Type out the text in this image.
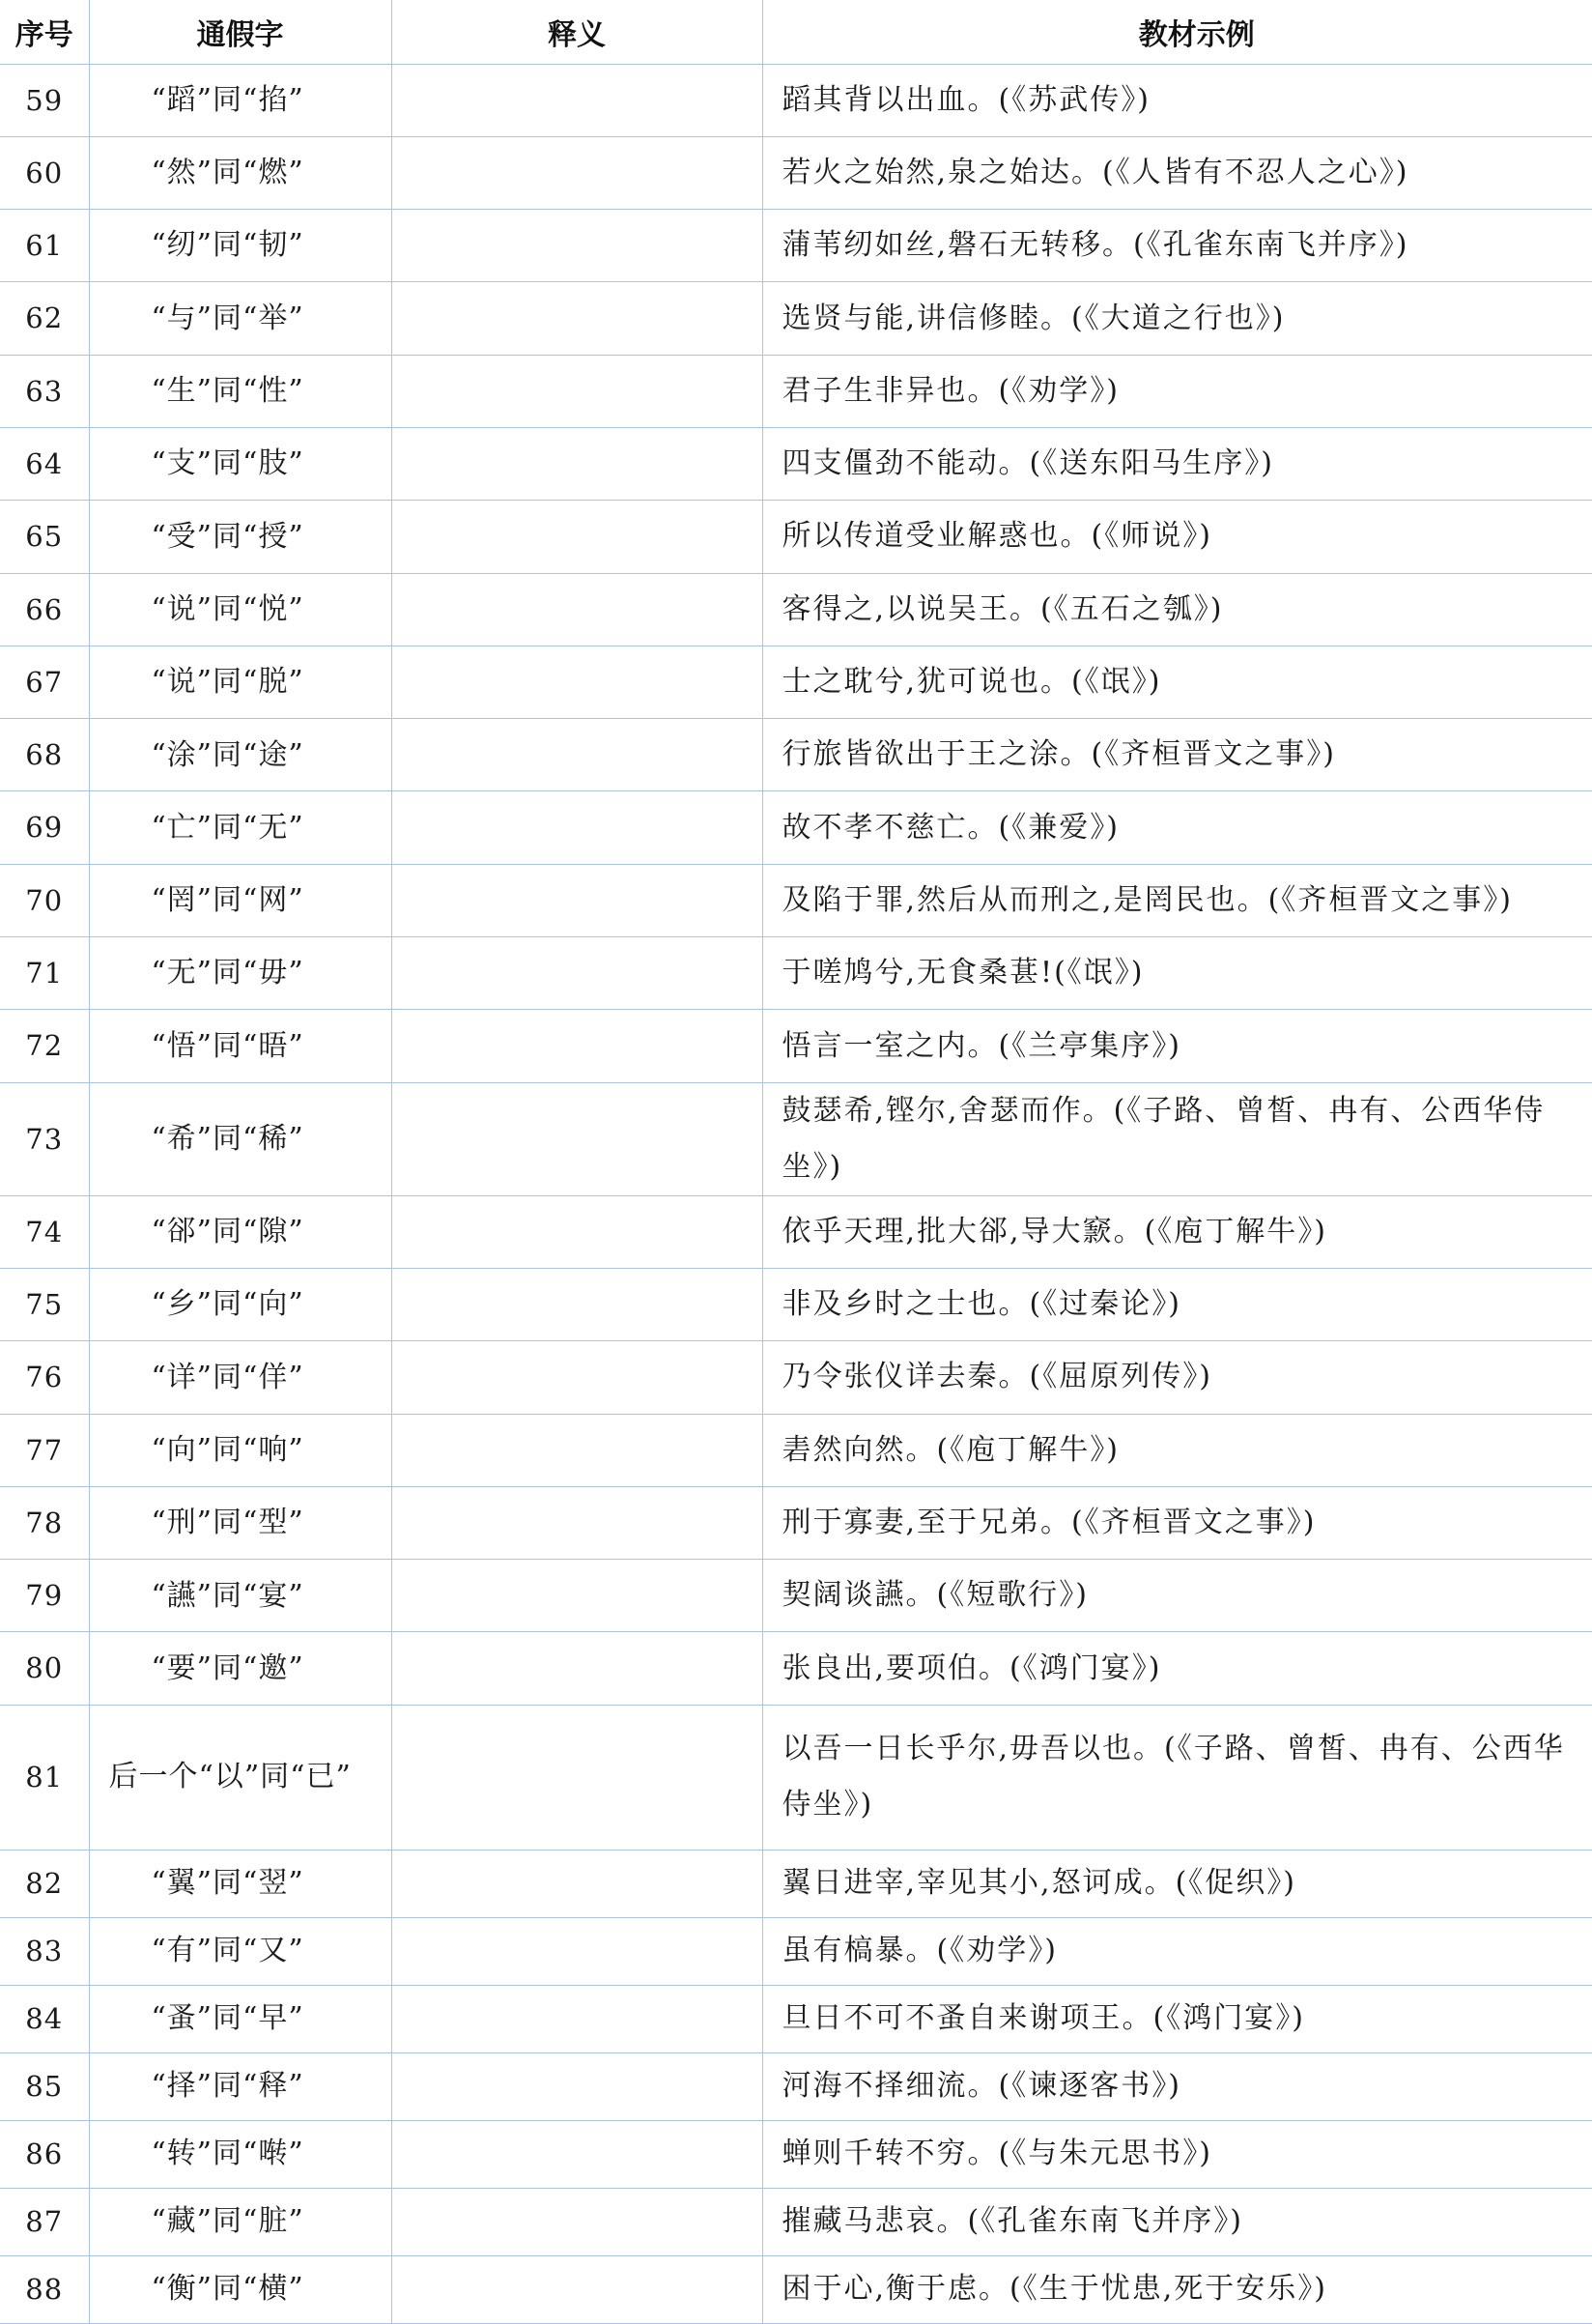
序号	通假字	释义	教材示例
59	“蹈”同“掐”		蹈其背以出血。(《苏武传》)
60	“然”同“燃”		若火之始然,泉之始达。(《人皆有不忍人之心》)
61	“纫”同“韧”		蒲苇纫如丝,磐石无转移。(《孔雀东南飞并序》)
62	“与”同“举”		选贤与能,讲信修睦。(《大道之行也》)
63	“生”同“性”		君子生非异也。(《劝学》)
64	“支”同“肢”		四支僵劲不能动。(《送东阳马生序》)
65	“受”同“授”		所以传道受业解惑也。(《师说》)
66	“说”同“悦”		客得之,以说吴王。(《五石之瓠》)
67	“说”同“脱”		士之耽兮,犹可说也。(《氓》)
68	“涂”同“途”		行旅皆欲出于王之涂。(《齐桓晋文之事》)
69	“亡”同“无”		故不孝不慈亡。(《兼爱》)
70	“罔”同“网”		及陷于罪,然后从而刑之,是罔民也。(《齐桓晋文之事》)
71	“无”同“毋”		于嗟鸠兮,无食桑葚!(《氓》)
72	“悟”同“晤”		悟言一室之内。(《兰亭集序》)
73	“希”同“稀”		鼓瑟希,铿尔,舍瑟而作。(《子路、曾皙、冉有、公西华侍坐》)
74	“郤”同“隙”		依乎天理,批大郤,导大窾。(《庖丁解牛》)
75	“乡”同“向”		非及乡时之士也。(《过秦论》)
76	“详”同“佯”		乃令张仪详去秦。(《屈原列传》)
77	“向”同“响”		砉然向然。(《庖丁解牛》)
78	“刑”同“型”		刑于寡妻,至于兄弟。(《齐桓晋文之事》)
79	“讌”同“宴”		契阔谈讌。(《短歌行》)
80	“要”同“邀”		张良出,要项伯。(《鸿门宴》)
81	后一个“以”同“已”		以吾一日长乎尔,毋吾以也。(《子路、曾皙、冉有、公西华侍坐》)
82	“翼”同“翌”		翼日进宰,宰见其小,怒诃成。(《促织》)
83	“有”同“又”		虽有槁暴。(《劝学》)
84	“蚤”同“早”		旦日不可不蚤自来谢项王。(《鸿门宴》)
85	“择”同“释”		河海不择细流。(《谏逐客书》)
86	“转”同“啭”		蝉则千转不穷。(《与朱元思书》)
87	“藏”同“脏”		摧藏马悲哀。(《孔雀东南飞并序》)
88	“衡”同“横”		困于心,衡于虑。(《生于忧患,死于安乐》)
